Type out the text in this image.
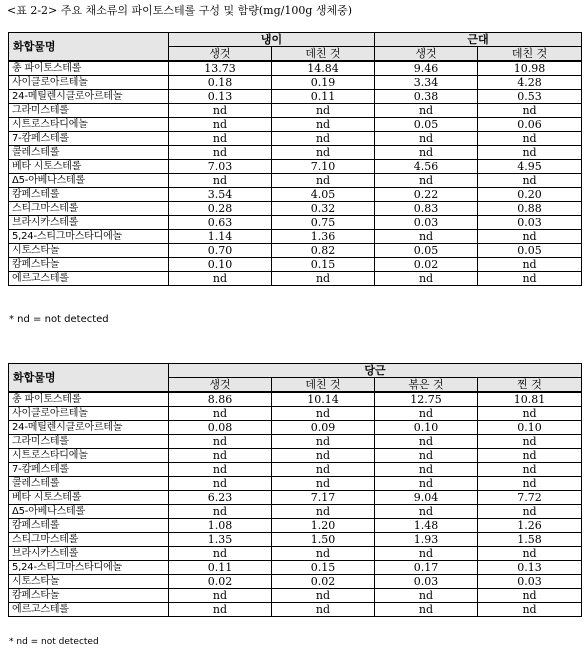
<표 2-2> 주요 채소류의 파이토스테롤 구성 및 함량(mg/100g 생체중)
화합물명	냉이		근대	
	생것	데친 것	생것	데친 것
총 파이토스테롤	13.73	14.84	9.46	10.98
사이클로아르테놀	0.18	0.19	3.34	4.28
24-메틸렌시클로아르테놀	0.13	0.11	0.38	0.53
그라미스테롤	nd	nd	nd	nd
시트로스타디에놀	nd	nd	0.05	0.06
7-캄페스테롤	nd	nd	nd	nd
콜레스테롤	nd	nd	nd	nd
베타 시토스테롤	7.03	7.10	4.56	4.95
Δ5-아베나스테롤	nd	nd	nd	nd
캄페스테롤	3.54	4.05	0.22	0.20
스티그마스테롤	0.28	0.32	0.83	0.88
브라시카스테롤	0.63	0.75	0.03	0.03
5,24-스티그마스타디에놀	1.14	1.36	nd	nd
시토스타놀	0.70	0.82	0.05	0.05
캄페스타놀	0.10	0.15	0.02	nd
에르고스테롤	nd	nd	nd	nd
* nd = not detected
화합물명	당근			
	생것	데친 것	볶은 것	찐 것
총 파이토스테롤	8.86	10.14	12.75	10.81
사이클로아르테놀	nd	nd	nd	nd
24-메틸렌시클로아르테놀	0.08	0.09	0.10	0.10
그라미스테롤	nd	nd	nd	nd
시트로스타디에놀	nd	nd	nd	nd
7-캄페스테롤	nd	nd	nd	nd
콜레스테롤	nd	nd	nd	nd
베타 시토스테롤	6.23	7.17	9.04	7.72
Δ5-아베나스테롤	nd	nd	nd	nd
캄페스테롤	1.08	1.20	1.48	1.26
스티그마스테롤	1.35	1.50	1.93	1.58
브라시카스테롤	nd	nd	nd	nd
5,24-스티그마스타디에놀	0.11	0.15	0.17	0.13
시토스타놀	0.02	0.02	0.03	0.03
캄페스타놀	nd	nd	nd	nd
에르고스테롤	nd	nd	nd	nd
* nd = not detected
